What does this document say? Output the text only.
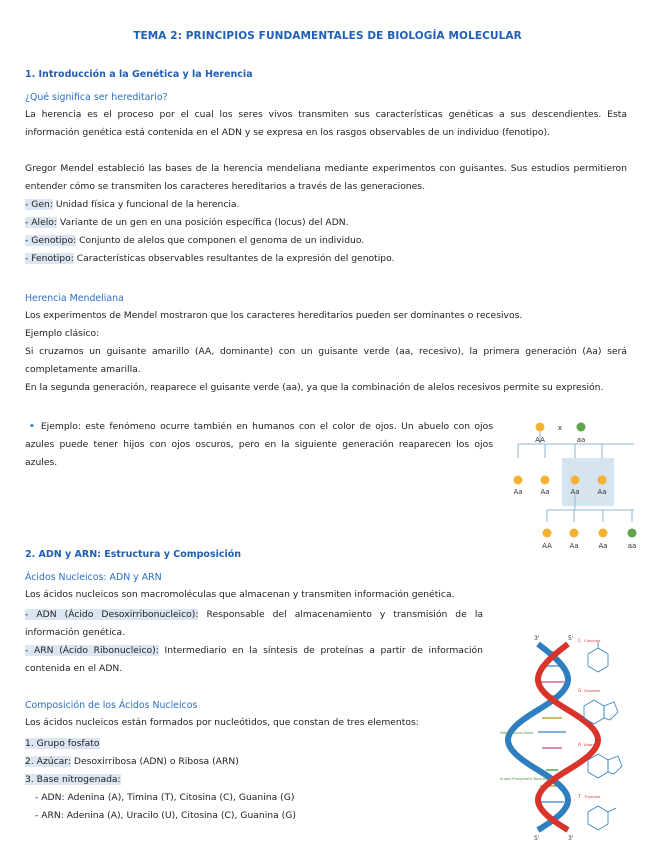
TEMA 2: PRINCIPIOS FUNDAMENTALES DE BIOLOGÍA MOLECULAR
1. Introducción a la Genética y la Herencia
¿Qué significa ser hereditario?
La herencia es el proceso por el cual los seres vivos transmiten sus características genéticas a sus descendientes. Esta información genética está contenida en el ADN y se expresa en los rasgos observables de un individuo (fenotipo).
Gregor Mendel estableció las bases de la herencia mendeliana mediante experimentos con guisantes. Sus estudios permitieron entender cómo se transmiten los caracteres hereditarios a través de las generaciones.
- Gen: Unidad física y funcional de la herencia.
- Alelo: Variante de un gen en una posición específica (locus) del ADN.
- Genotipo: Conjunto de alelos que componen el genoma de un individuo.
- Fenotipo: Características observables resultantes de la expresión del genotipo.
Herencia Mendeliana
Los experimentos de Mendel mostraron que los caracteres hereditarios pueden ser dominantes o recesivos.
Ejemplo clásico:
Si cruzamos un guisante amarillo (AA, dominante) con un guisante verde (aa, recesivo), la primera generación (Aa) será completamente amarilla.
En la segunda generación, reaparece el guisante verde (aa), ya que la combinación de alelos recesivos permite su expresión.
• Ejemplo: este fenómeno ocurre también en humanos con el color de ojos. Un abuelo con ojos azules puede tener hijos con ojos oscuros, pero en la siguiente generación reaparecen los ojos azules.
x
AA	aa
Aa	Aa	Aa	Aa
AA	Aa	Aa	aa
2. ADN y ARN: Estructura y Composición
Ácidos Nucleicos: ADN y ARN
Los ácidos nucleicos son macromoléculas que almacenan y transmiten información genética.
- ADN (Ácido Desoxirribonucleico): Responsable del almacenamiento y transmisión de la información genética.
- ARN (Ácido Ribonucleico): Intermediario en la síntesis de proteínas a partir de información contenida en el ADN.
Composición de los Ácidos Nucleicos
Los ácidos nucleicos están formados por nucleótidos, que constan de tres elementos:
1. Grupo fosfato
2. Azúcar: Desoxirribosa (ADN) o Ribosa (ARN)
3. Base nitrogenada:
- ADN: Adenina (A), Timina (T), Citosina (C), Guanina (G)
- ARN: Adenina (A), Uracilo (U), Citosina (C), Guanina (G)
3'	5'
5'	3'
Nitrogenous Base
Sugar-Phosphate Backbone
C Cytosine
G Guanine
A Adenine
T Thymine
